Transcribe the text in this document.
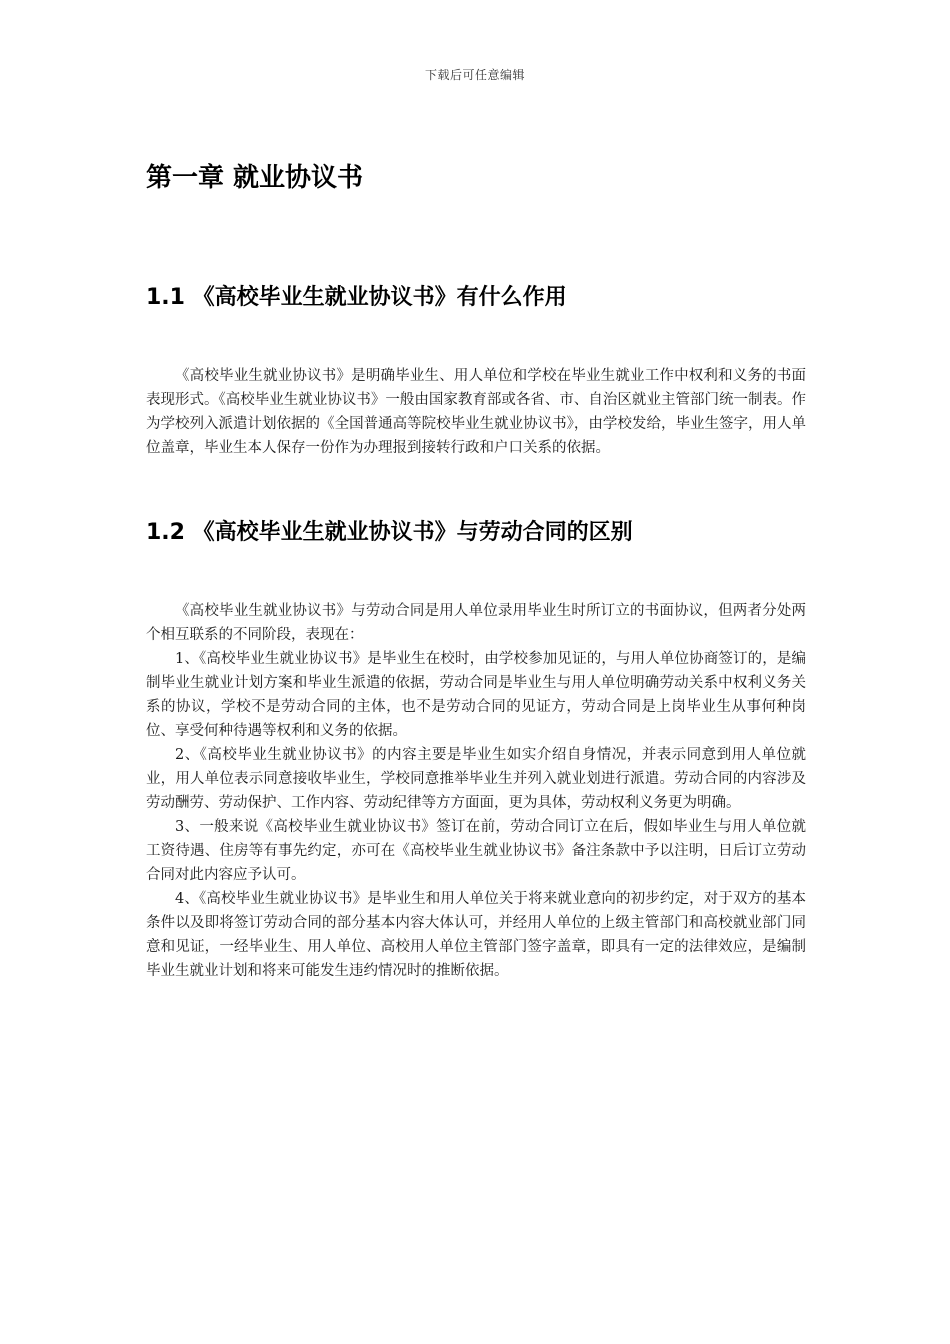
下载后可任意编辑
第一章 就业协议书
1.1 《高校毕业生就业协议书》有什么作用

《高校毕业生就业协议书》是明确毕业生、用人单位和学校在毕业生就业工作中权利和义务的书面表现形式。《高校毕业生就业协议书》一般由国家教育部或各省、市、自治区就业主管部门统一制表。作为学校列入派遣计划依据的《全国普通高等院校毕业生就业协议书》，由学校发给，毕业生签字，用人单位盖章，毕业生本人保存一份作为办理报到接转行政和户口关系的依据。

1.2 《高校毕业生就业协议书》与劳动合同的区别

《高校毕业生就业协议书》与劳动合同是用人单位录用毕业生时所订立的书面协议，但两者分处两个相互联系的不同阶段，表现在：

1、《高校毕业生就业协议书》是毕业生在校时，由学校参加见证的，与用人单位协商签订的，是编制毕业生就业计划方案和毕业生派遣的依据，劳动合同是毕业生与用人单位明确劳动关系中权利义务关系的协议，学校不是劳动合同的主体，也不是劳动合同的见证方，劳动合同是上岗毕业生从事何种岗位、享受何种待遇等权利和义务的依据。

2、《高校毕业生就业协议书》的内容主要是毕业生如实介绍自身情况，并表示同意到用人单位就业，用人单位表示同意接收毕业生，学校同意推举毕业生并列入就业划进行派遣。劳动合同的内容涉及劳动酬劳、劳动保护、工作内容、劳动纪律等方方面面，更为具体，劳动权利义务更为明确。

3、一般来说《高校毕业生就业协议书》签订在前，劳动合同订立在后，假如毕业生与用人单位就工资待遇、住房等有事先约定，亦可在《高校毕业生就业协议书》备注条款中予以注明，日后订立劳动合同对此内容应予认可。

4、《高校毕业生就业协议书》是毕业生和用人单位关于将来就业意向的初步约定，对于双方的基本条件以及即将签订劳动合同的部分基本内容大体认可，并经用人单位的上级主管部门和高校就业部门同意和见证，一经毕业生、用人单位、高校用人单位主管部门签字盖章，即具有一定的法律效应，是编制毕业生就业计划和将来可能发生违约情况时的推断依据。
